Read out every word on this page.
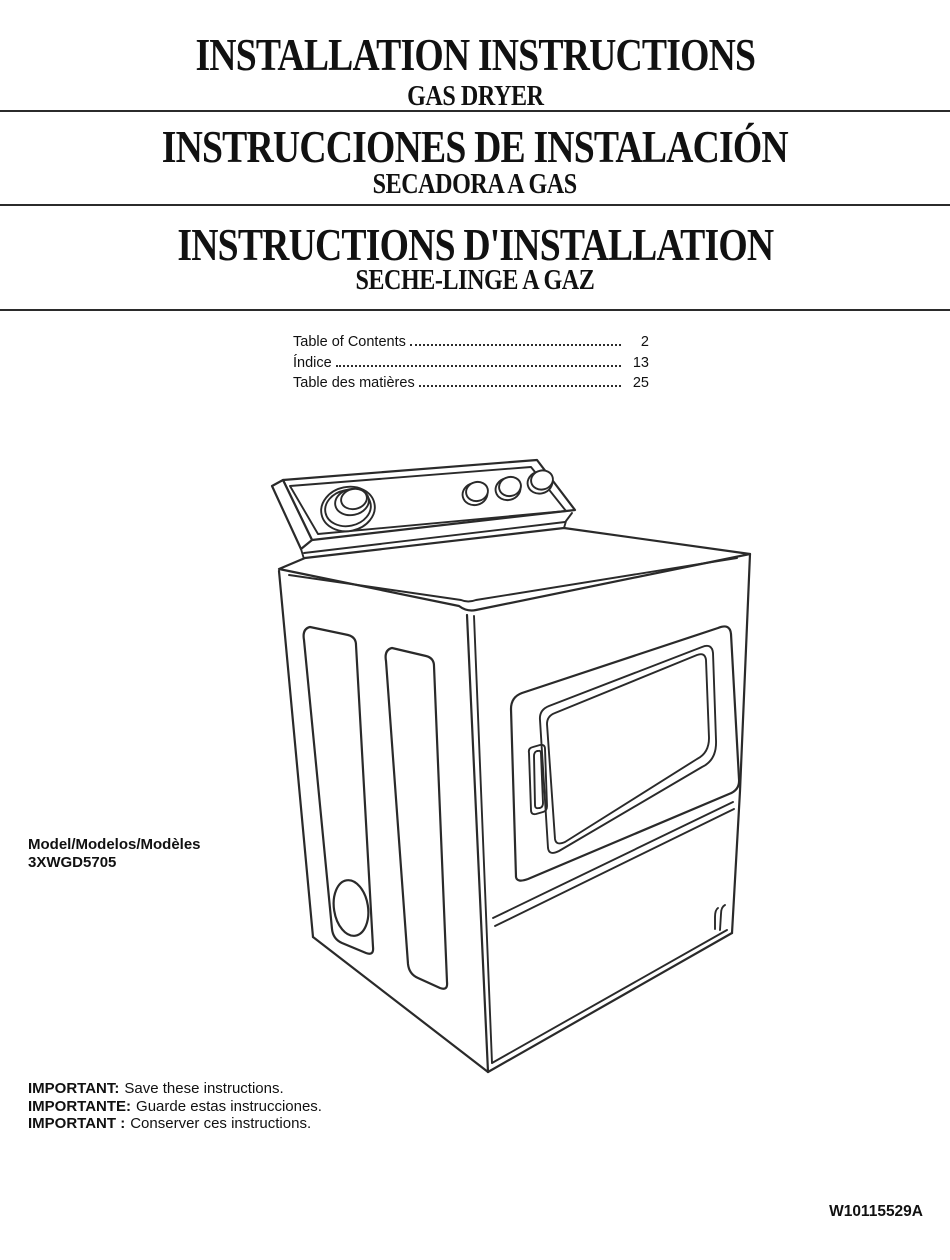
INSTALLATION INSTRUCTIONS
GAS DRYER
INSTRUCCIONES DE INSTALACIÓN
SECADORA A GAS
INSTRUCTIONS D'INSTALLATION
SECHE-LINGE A GAZ
Table of Contents	2
Índice	13
Table des matières	25
Model/Modelos/Modèles
3XWGD5705
IMPORTANT: Save these instructions.
IMPORTANTE: Guarde estas instrucciones.
IMPORTANT : Conserver ces instructions.
W10115529A
